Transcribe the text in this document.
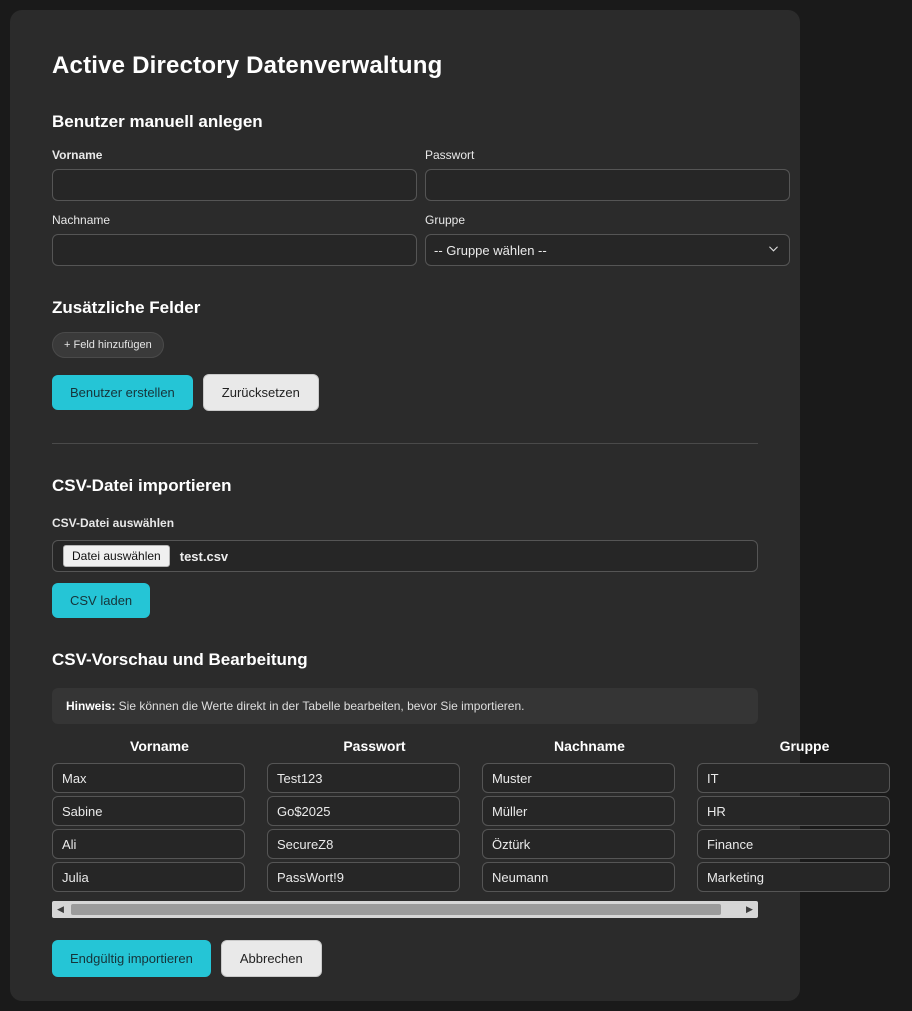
Active Directory Datenverwaltung
Benutzer manuell anlegen
Vorname	Passwort
Nachname	Gruppe
-- Gruppe wählen --
Zusätzliche Felder
+ Feld hinzufügen
Benutzer erstellen	Zurücksetzen
CSV-Datei importieren
CSV-Datei auswählen
Datei auswählen	test.csv
CSV laden
CSV-Vorschau und Bearbeitung
Hinweis: Sie können die Werte direkt in der Tabelle bearbeiten, bevor Sie importieren.
Vorname	Passwort	Nachname	Gruppe
Max	Test123	Muster	IT
Sabine	Go$2025	Müller	HR
Ali	SecureZ8	Öztürk	Finance
Julia	PassWort!9	Neumann	Marketing
◀	▶
Endgültig importieren	Abbrechen
